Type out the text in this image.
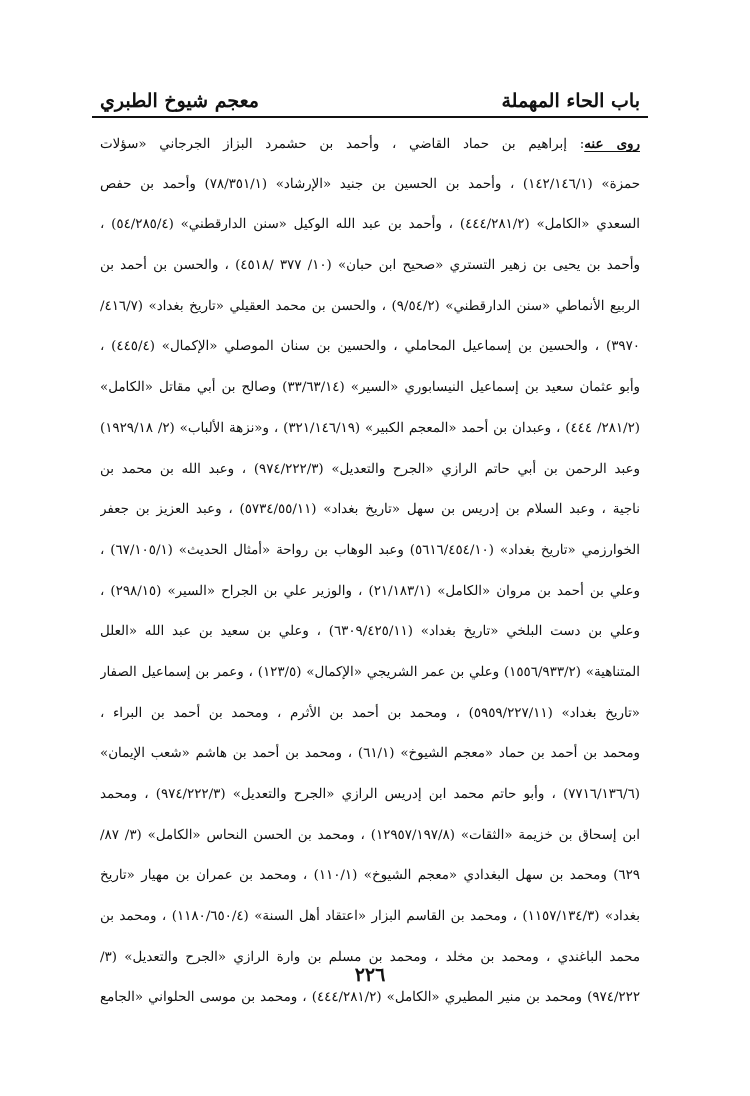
باب الحاء المهملة
معجم شيوخ الطبري
روى عنه: إبراهيم بن حماد القاضي ، وأحمد بن حشمرد البزاز الجرجاني «سؤلات
حمزة» (١٤٢/١٤٦/١) ، وأحمد بن الحسين بن جنيد «الإرشاد» (٧٨/٣٥١/١) وأحمد بن حفص
السعدي «الكامل» (٤٤٤/٢٨١/٢) ، وأحمد بن عبد الله الوكيل «سنن الدارقطني» (٥٤/٢٨٥/٤) ،
وأحمد بن يحيى بن زهير التستري «صحيح ابن حبان» (١٠/ ٣٧٧ /٤٥١٨) ، والحسن بن أحمد بن
الربيع الأنماطي «سنن الدارقطني» (٩/٥٤/٢) ، والحسن بن محمد العقيلي «تاريخ بغداد» (٤١٦/٧/
٣٩٧٠) ، والحسين بن إسماعيل المحاملي ، والحسين بن سنان الموصلي «الإكمال» (٤٤٥/٤) ،
وأبو عثمان سعيد بن إسماعيل النيسابوري «السير» (٣٣/٦٣/١٤) وصالح بن أبي مقاتل «الكامل»
(٢٨١/٢/ ٤٤٤) ، وعبدان بن أحمد «المعجم الكبير» (٣٢١/١٤٦/١٩) ، و«نزهة الألباب» (٢/ ١٩٢٩/١٨)
وعبد الرحمن بن أبي حاتم الرازي «الجرح والتعديل» (٩٧٤/٢٢٢/٣) ، وعبد الله بن محمد بن
ناجية ، وعبد السلام بن إدريس بن سهل «تاريخ بغداد» (٥٧٣٤/٥٥/١١) ، وعبد العزيز بن جعفر
الخوارزمي «تاريخ بغداد» (٥٦١٦/٤٥٤/١٠) وعبد الوهاب بن رواحة «أمثال الحديث» (٦٧/١٠٥/١) ،
وعلي بن أحمد بن مروان «الكامل» (٢١/١٨٣/١) ، والوزير علي بن الجراح «السير» (٢٩٨/١٥) ،
وعلي بن دست البلخي «تاريخ بغداد» (٦٣٠٩/٤٢٥/١١) ، وعلي بن سعيد بن عبد الله «العلل
المتناهية» (١٥٥٦/٩٣٣/٢) وعلي بن عمر الشريجي «الإكمال» (١٢٣/٥) ، وعمر بن إسماعيل الصفار
«تاريخ بغداد» (٥٩٥٩/٢٢٧/١١) ، ومحمد بن أحمد بن الأثرم ، ومحمد بن أحمد بن البراء ،
ومحمد بن أحمد بن حماد «معجم الشيوخ» (٦١/١) ، ومحمد بن أحمد بن هاشم «شعب الإيمان»
(٧٧١٦/١٣٦/٦) ، وأبو حاتم محمد ابن إدريس الرازي «الجرح والتعديل» (٩٧٤/٢٢٢/٣) ، ومحمد
ابن إسحاق بن خزيمة «الثقات» (١٢٩٥٧/١٩٧/٨) ، ومحمد بن الحسن النحاس «الكامل» (٣/ ٨٧/
٦٢٩) ومحمد بن سهل البغدادي «معجم الشيوخ» (١١٠/١) ، ومحمد بن عمران بن مهيار «تاريخ
بغداد» (١١٥٧/١٣٤/٣) ، ومحمد بن القاسم البزار «اعتقاد أهل السنة» (١١٨٠/٦٥٠/٤) ، ومحمد بن
محمد الباغندي ، ومحمد بن مخلد ، ومحمد بن مسلم بن وارة الرازي «الجرح والتعديل» (٣/
٩٧٤/٢٢٢) ومحمد بن منير المطيري «الكامل» (٤٤٤/٢٨١/٢) ، ومحمد بن موسى الحلواني «الجامع
٢٢٦
